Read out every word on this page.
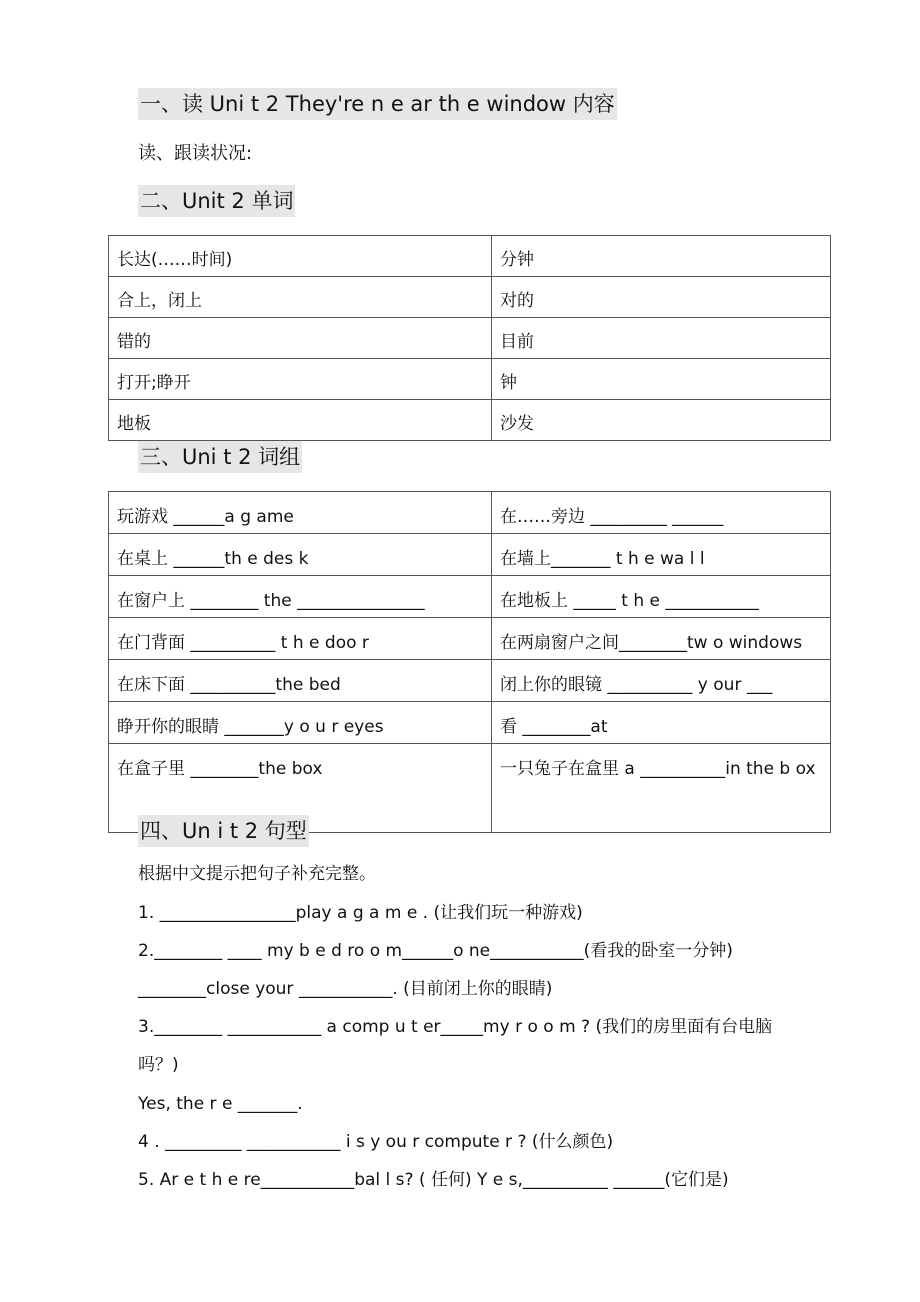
一、读 Uni t 2 They're n e ar th e window 内容
读、跟读状况:
二、Unit 2 单词
长达(……时间)	分钟
合上，闭上	对的
错的	目前
打开;睁开	钟
地板	沙发
三、Uni t 2 词组
玩游戏 ______a g ame	在……旁边 _________ ______
在桌上 ______th e des k	在墙上_______ t h e wa l l
在窗户上 ________ the _______________	在地板上 _____ t h e ___________
在门背面 __________ t h e doo r	在两扇窗户之间________tw o windows
在床下面 __________the bed	闭上你的眼镜 __________ y our ___
睁开你的眼睛 _______y o u r eyes	看 ________at
在盒子里 ________the box	一只兔子在盒里 a __________in the b ox
四、Un i t 2 句型
根据中文提示把句子补充完整。
1. ________________play a g a m e . (让我们玩一种游戏)
2.________ ____ my b e d ro o m______o ne___________(看我的卧室一分钟)
________close your ___________. (目前闭上你的眼睛)
3.________ ___________ a comp u t er_____my r o o m ? (我们的房里面有台电脑
吗？)
Yes, the r e _______.
4 . _________ ___________ i s y ou r compute r ? (什么颜色)
5. Ar e t h e re___________bal l s? ( 任何) Y e s,__________ ______(它们是)
